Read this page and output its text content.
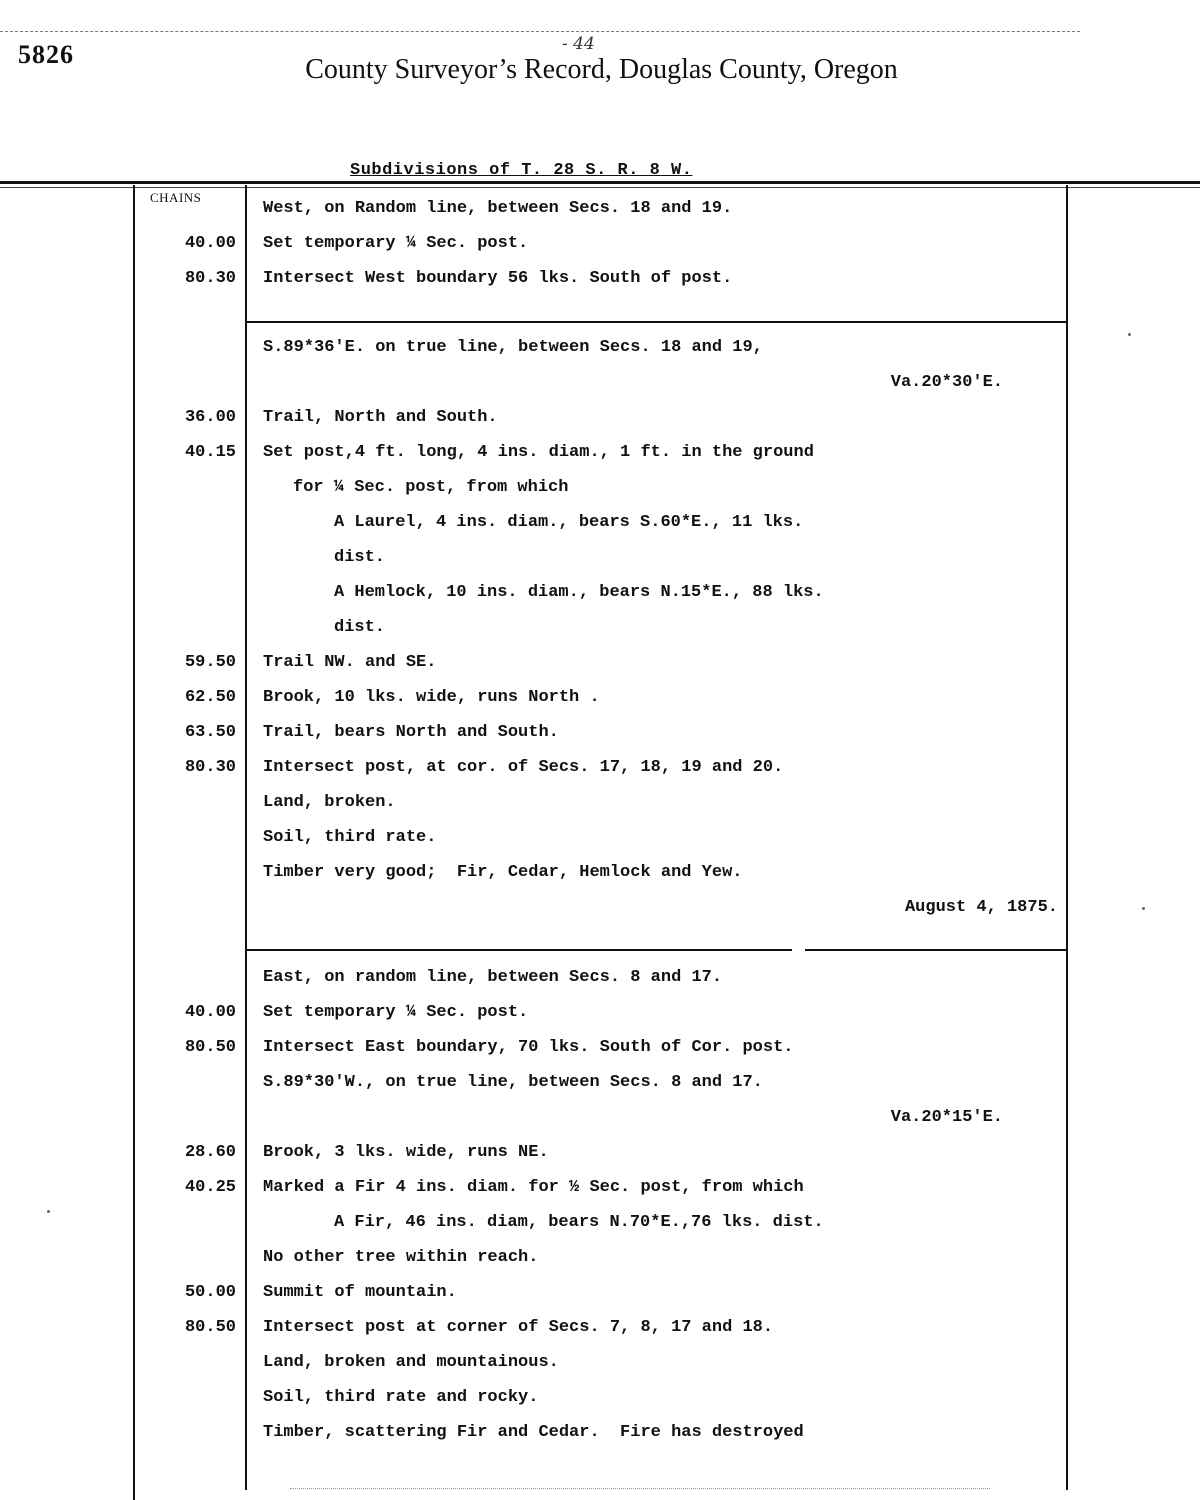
5826	- 44
County Surveyor’s Record, Douglas County, Oregon
Subdivisions of T. 28 S. R. 8 W.
CHAINS
West, on Random line, between Secs. 18 and 19.
40.00 Set temporary ¼ Sec. post.
80.30 Intersect West boundary 56 lks. South of post.
S.89*36'E. on true line, between Secs. 18 and 19,
Va.20*30'E.
36.00 Trail, North and South.
40.15 Set post,4 ft. long, 4 ins. diam., 1 ft. in the ground
for ¼ Sec. post, from which
A Laurel, 4 ins. diam., bears S.60*E., 11 lks.
dist.
A Hemlock, 10 ins. diam., bears N.15*E., 88 lks.
dist.
59.50 Trail NW. and SE.
62.50 Brook, 10 lks. wide, runs North .
63.50 Trail, bears North and South.
80.30 Intersect post, at cor. of Secs. 17, 18, 19 and 20.
Land, broken.
Soil, third rate.
Timber very good;  Fir, Cedar, Hemlock and Yew.
August 4, 1875.
East, on random line, between Secs. 8 and 17.
40.00 Set temporary ¼ Sec. post.
80.50 Intersect East boundary, 70 lks. South of Cor. post.
S.89*30'W., on true line, between Secs. 8 and 17.
Va.20*15'E.
28.60 Brook, 3 lks. wide, runs NE.
40.25 Marked a Fir 4 ins. diam. for ½ Sec. post, from which
A Fir, 46 ins. diam, bears N.70*E.,76 lks. dist.
No other tree within reach.
50.00 Summit of mountain.
80.50 Intersect post at corner of Secs. 7, 8, 17 and 18.
Land, broken and mountainous.
Soil, third rate and rocky.
Timber, scattering Fir and Cedar.  Fire has destroyed
